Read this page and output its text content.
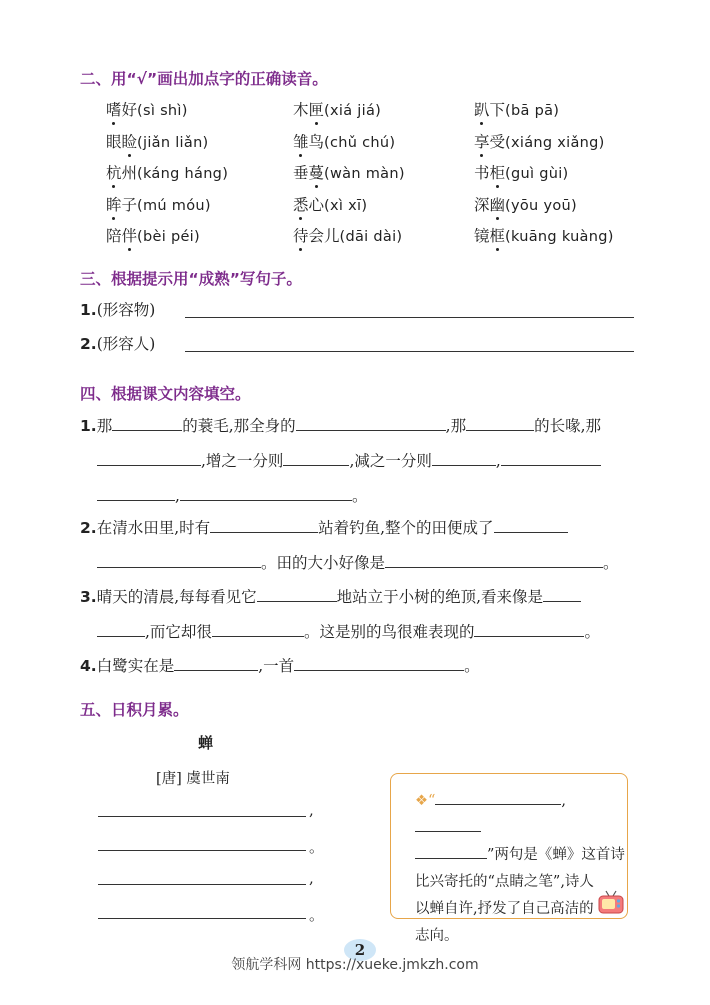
二、用“√”画出加点字的正确读音。
嗜好(sì shì)	木匣(xiá jiá)	趴下(bā pā)
眼睑(jiǎn liǎn)	雏鸟(chǔ chú)	享受(xiáng xiǎng)
杭州(káng háng)	垂蔓(wàn màn)	书柜(guì gùi)
眸子(mú móu)	悉心(xì xī)	深幽(yōu yoū)
陪伴(bèi péi)	待会儿(dāi dài)	镜框(kuāng kuàng)
三、根据提示用“成熟”写句子。
1.(形容物)
2.(形容人)
四、根据课文内容填空。
1.那	的蓑毛,那全身的	,那	的长喙,那
,增之一分则	,减之一分则	,
,	。
2.在清水田里,时有	站着钓鱼,整个的田便成了
。田的大小好像是	。
3.晴天的清晨,每每看见它	地站立于小树的绝顶,看来像是
,而它却很	。这是别的鸟很难表现的	。
4.白鹭实在是	,一首	。
五、日积月累。
蝉
[唐] 虞世南
,
。
,
。
❖“	,
”两句是《蝉》这首诗
比兴寄托的“点睛之笔”,诗人
以蝉自许,抒发了自己高洁的
志向。
2
领航学科网 https://xueke.jmkzh.com
